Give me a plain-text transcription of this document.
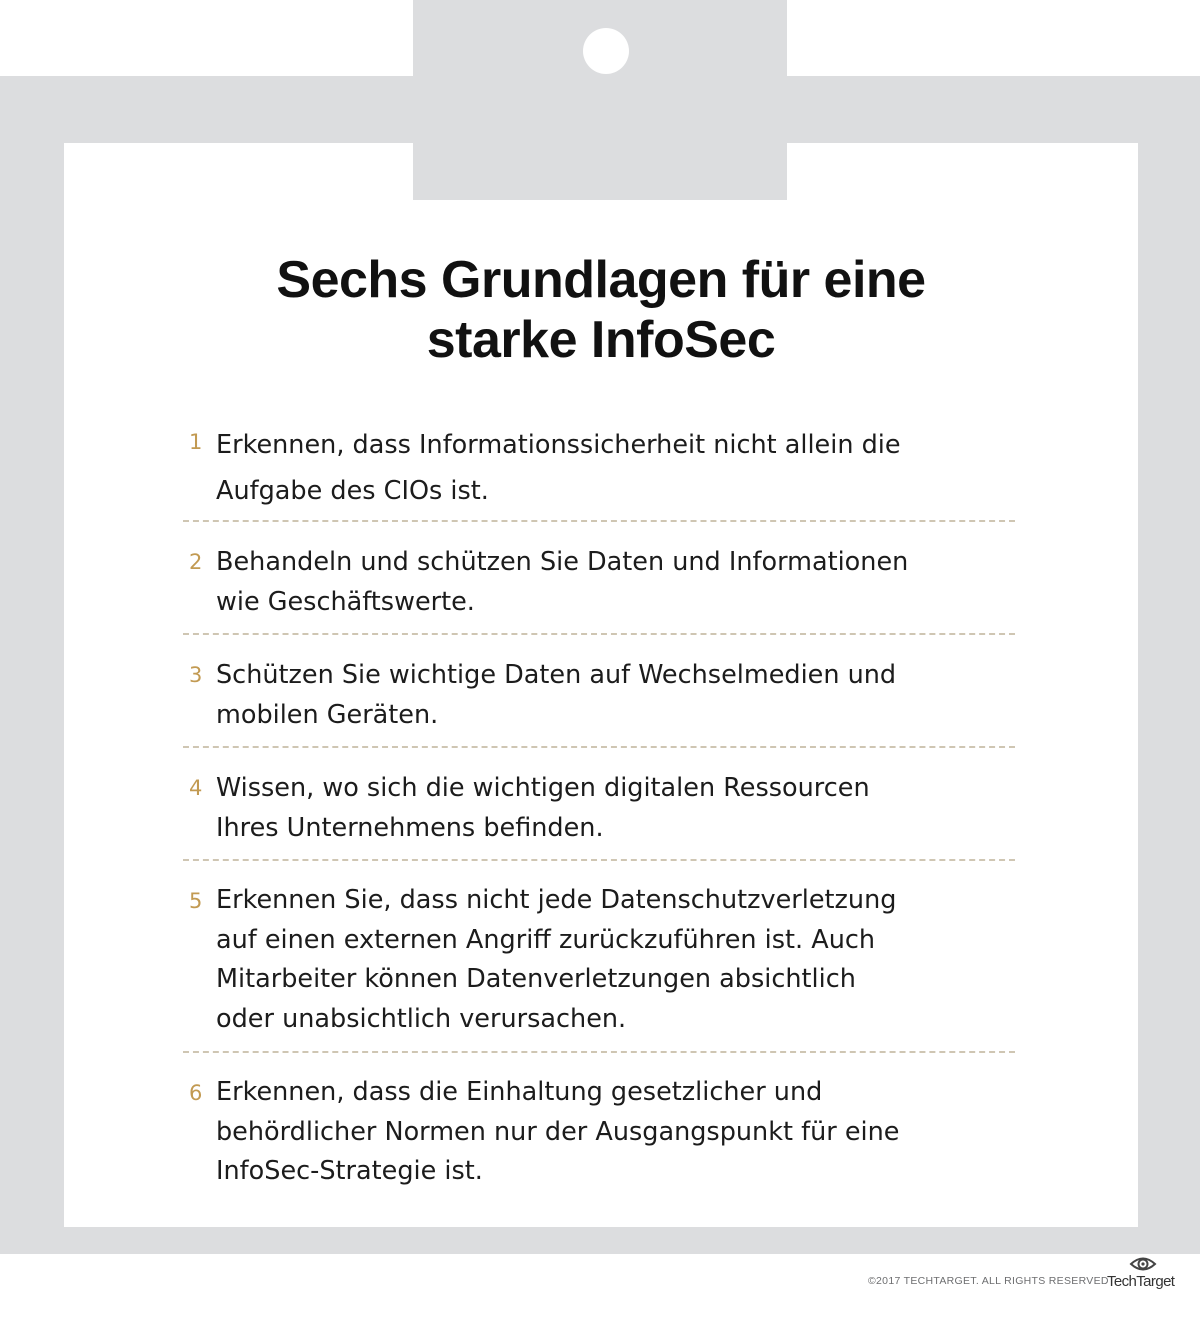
Sechs Grundlagen für eine
starke InfoSec
1 Erkennen, dass Informationssicherheit nicht allein die
Aufgabe des CIOs ist.
2 Behandeln und schützen Sie Daten und Informationen
wie Geschäftswerte.
3 Schützen Sie wichtige Daten auf Wechselmedien und
mobilen Geräten.
4 Wissen, wo sich die wichtigen digitalen Ressourcen
Ihres Unternehmens befinden.
5 Erkennen Sie, dass nicht jede Datenschutzverletzung
auf einen externen Angriff zurückzuführen ist. Auch
Mitarbeiter können Datenverletzungen absichtlich
oder unabsichtlich verursachen.
6 Erkennen, dass die Einhaltung gesetzlicher und
behördlicher Normen nur der Ausgangspunkt für eine
InfoSec-Strategie ist.
©2017 TECHTARGET. ALL RIGHTS RESERVED
TechTarget
